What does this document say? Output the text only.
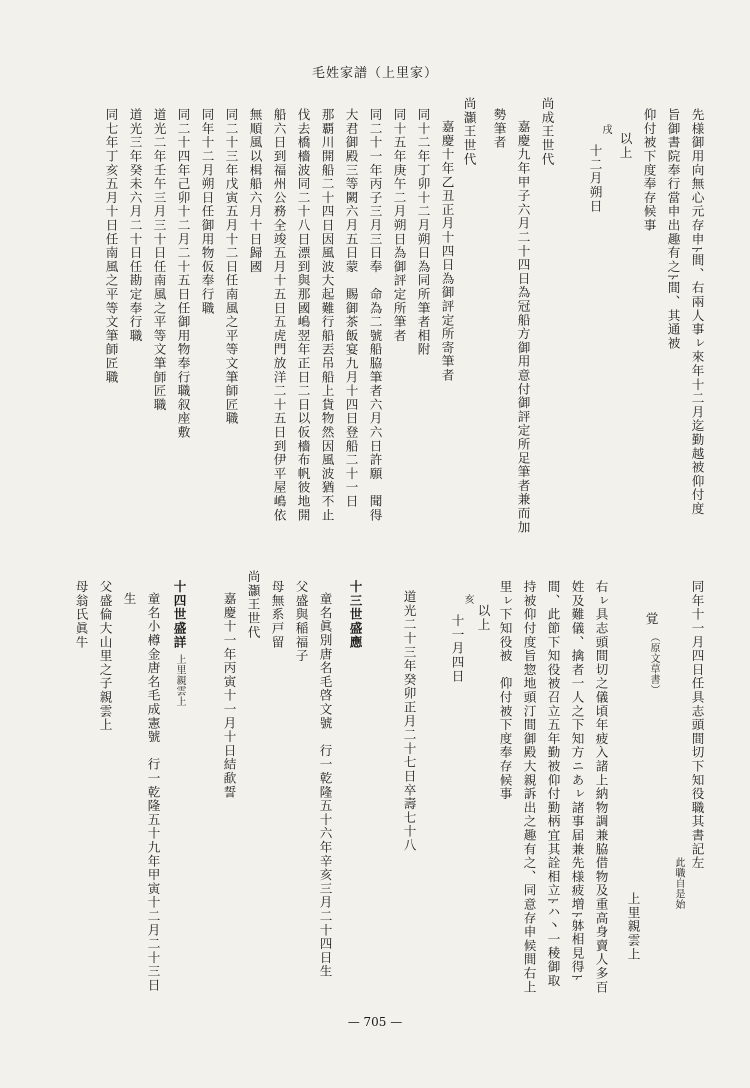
毛姓家譜（上里家）
先様御用向無心元存申ﾄ間、右兩人事ㇾ來年十二月迄勤越被仰付度
旨御書院奉行當申出趣有之ﾄ間、其通被
仰付被下度奉存候事
以上
戌
十二月朔日
尚成王世代
嘉慶九年甲子六月二十四日為冠船方御用意付御評定所足筆者兼而加
勢筆者
尚灝王世代
嘉慶十年乙丑正月十四日為御評定所寄筆者
同十二年丁卯十二月朔日為同所筆者相附
同十五年庚午二月朔日為御評定所筆者
同二十一年丙子三月三日奉　命為二號船脇筆者六月六日許願　聞得
大君御殿三等闕六月五日蒙　賜御茶飯宴九月十四日登船二十一日
那覇川開船二十四日因風波大起難行船丟吊船上貨物然因風波猶不止
伐去橋檣波同二十八日漂到與那國嶋翌年正日二日以仮檣布帆彼地開
船六日到福州公務全竣五月十五日五虎門放洋二十五日到伊平屋嶋依
無順風以楫船六月十日歸國
同二十三年戊寅五月十二日任南風之平等文筆師匠職
同年十二月朔日任御用物仮奉行職
同二十四年己卯十二月二十五日任御用物奉行職叙座敷
道光二年壬午三月三十日任南風之平等文筆師匠職
道光三年癸未六月二十日任勘定奉行職
同七年丁亥五月十日任南風之平等文筆師匠職
同年十一月四日任具志頭間切下知役職其書記左
此職自是始
覚
（原文草書）
上里親雲上
右ㇾ具志頭間切之儀頃年疲入諸上納物調兼脇借物及重高身賣人多百
姓及難儀、擒者一人之下知方ニあㇾ諸事届兼先様疲増ﾄ躰相見得ﾄ
間、此節下知役被召立五年勤被仰付勤柄宜其詮相立ﾄハ丶一稜御取
持被仰付度旨惣地頭汀間御殿大親訴出之趣有之、同意存申候間右上
里ㇾ下知役被　仰付被下度奉存候事
以上
亥
十一月四日
道光二十三年癸卯正月二十七日卒壽七十八
十三世盛應
童名眞別唐名毛啓文號　行一乾隆五十六年辛亥三月二十四日生
父盛與稲福子
母無系戸留
尚灝王世代
嘉慶十一年丙寅十一月十日結歃誓
十四世盛詳
上里親雲上
童名小樽金唐名毛成憲號　行一乾隆五十九年甲寅十二月二十三日
生
父盛倫大山里之子親雲上
母翁氏眞牛
— 705 —
